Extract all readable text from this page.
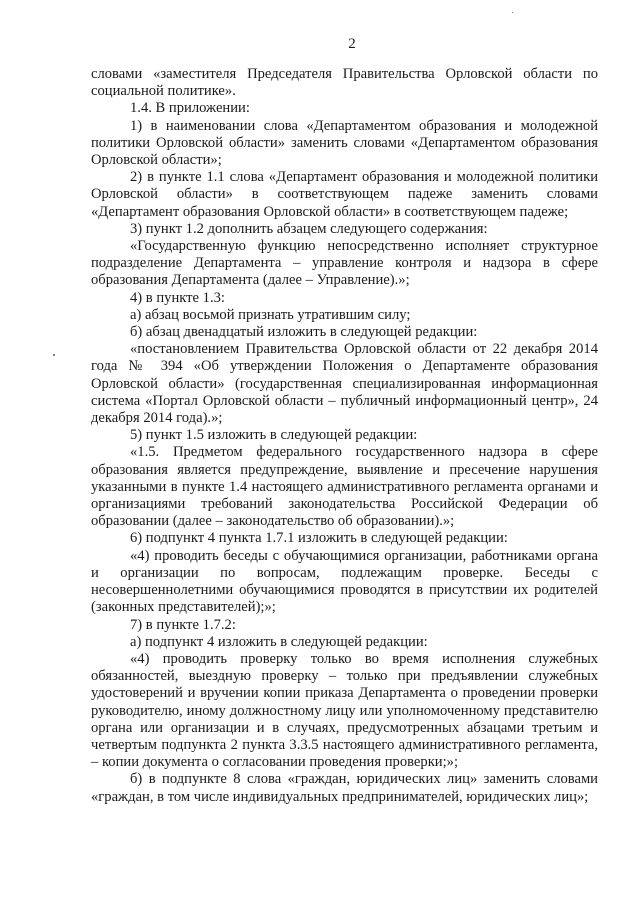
2

словами «заместителя Председателя Правительства Орловской области по социальной политике».

1.4. В приложении:

1) в наименовании слова «Департаментом образования и молодежной политики Орловской области» заменить словами «Департаментом образования Орловской области»;

2) в пункте 1.1 слова «Департамент образования и молодежной политики Орловской области» в соответствующем падеже заменить словами «Департамент образования Орловской области» в соответствующем падеже;

3) пункт 1.2 дополнить абзацем следующего содержания:

«Государственную функцию непосредственно исполняет структурное подразделение Департамента – управление контроля и надзора в сфере образования Департамента (далее – Управление).»;

4) в пункте 1.3:

а) абзац восьмой признать утратившим силу;

б) абзац двенадцатый изложить в следующей редакции:

«постановлением Правительства Орловской области от 22 декабря 2014 года № 394 «Об утверждении Положения о Департаменте образования Орловской области» (государственная специализированная информационная система «Портал Орловской области – публичный информационный центр», 24 декабря 2014 года).»;

5) пункт 1.5 изложить в следующей редакции:

«1.5. Предметом федерального государственного надзора в сфере образования является предупреждение, выявление и пресечение нарушения указанными в пункте 1.4 настоящего административного регламента органами и организациями требований законодательства Российской Федерации об образовании (далее – законодательство об образовании).»;

6) подпункт 4 пункта 1.7.1 изложить в следующей редакции:

«4) проводить беседы с обучающимися организации, работниками органа и организации по вопросам, подлежащим проверке. Беседы с несовершеннолетними обучающимися проводятся в присутствии их родителей (законных представителей);»;

7) в пункте 1.7.2:

а) подпункт 4 изложить в следующей редакции:

«4) проводить проверку только во время исполнения служебных обязанностей, выездную проверку – только при предъявлении служебных удостоверений и вручении копии приказа Департамента о проведении проверки руководителю, иному должностному лицу или уполномоченному представителю органа или организации и в случаях, предусмотренных абзацами третьим и четвертым подпункта 2 пункта 3.3.5 настоящего административного регламента, – копии документа о согласовании проведения проверки;»;

б) в подпункте 8 слова «граждан, юридических лиц» заменить словами «граждан, в том числе индивидуальных предпринимателей, юридических лиц»;
